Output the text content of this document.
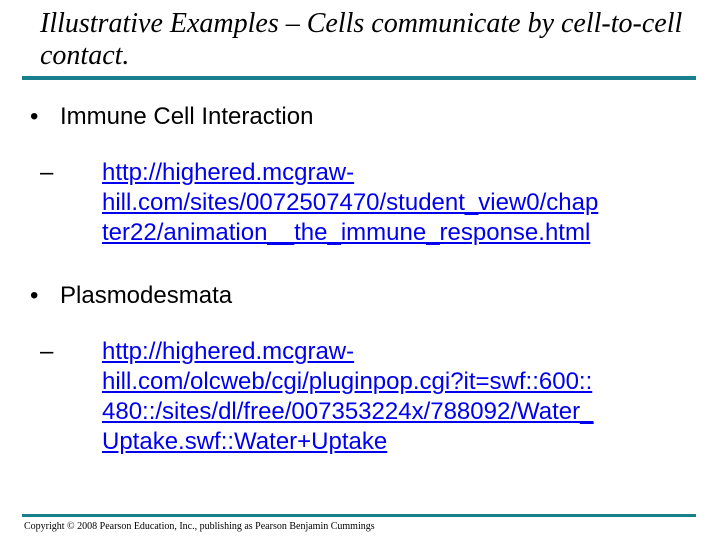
Illustrative Examples – Cells communicate by cell-to-cell contact.
• Immune Cell Interaction
–	http://highered.mcgraw-
hill.com/sites/0072507470/student_view0/chap
ter22/animation__the_immune_response.html
• Plasmodesmata
–	http://highered.mcgraw-
hill.com/olcweb/cgi/pluginpop.cgi?it=swf::600::
480::/sites/dl/free/007353224x/788092/Water_
Uptake.swf::Water+Uptake
Copyright © 2008 Pearson Education, Inc., publishing as Pearson Benjamin Cummings
